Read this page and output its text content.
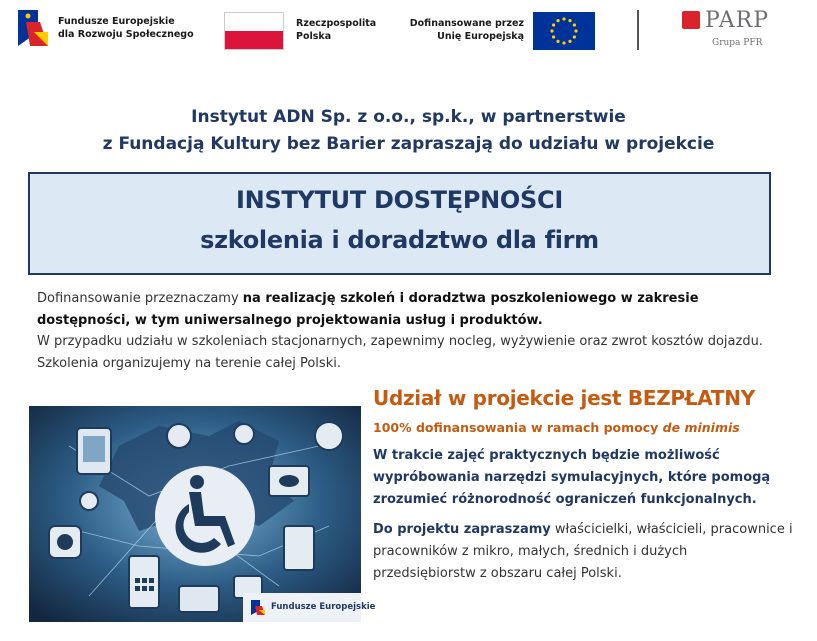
Fundusze Europejskie
dla Rozwoju Społecznego
Rzeczpospolita
Polska
Dofinansowane przez
Unię Europejską
PARP
Grupa PFR
Instytut ADN Sp. z o.o., sp.k., w partnerstwie
z Fundacją Kultury bez Barier zapraszają do udziału w projekcie
INSTYTUT DOSTĘPNOŚCI
szkolenia i doradztwo dla firm
Dofinansowanie przeznaczamy na realizację szkoleń i doradztwa poszkoleniowego w zakresie dostępności, w tym uniwersalnego projektowania usług i produktów.
W przypadku udziału w szkoleniach stacjonarnych, zapewnimy nocleg, wyżywienie oraz zwrot kosztów dojazdu. Szkolenia organizujemy na terenie całej Polski.
Fundusze Europejskie
Udział w projekcie jest BEZPŁATNY
100% dofinansowania w ramach pomocy de minimis
W trakcie zajęć praktycznych będzie możliwość wypróbowania narzędzi symulacyjnych, które pomogą zrozumieć różnorodność ograniczeń funkcjonalnych.
Do projektu zapraszamy właścicielki, właścicieli, pracownice i pracowników z mikro, małych, średnich i dużych przedsiębiorstw z obszaru całej Polski.
